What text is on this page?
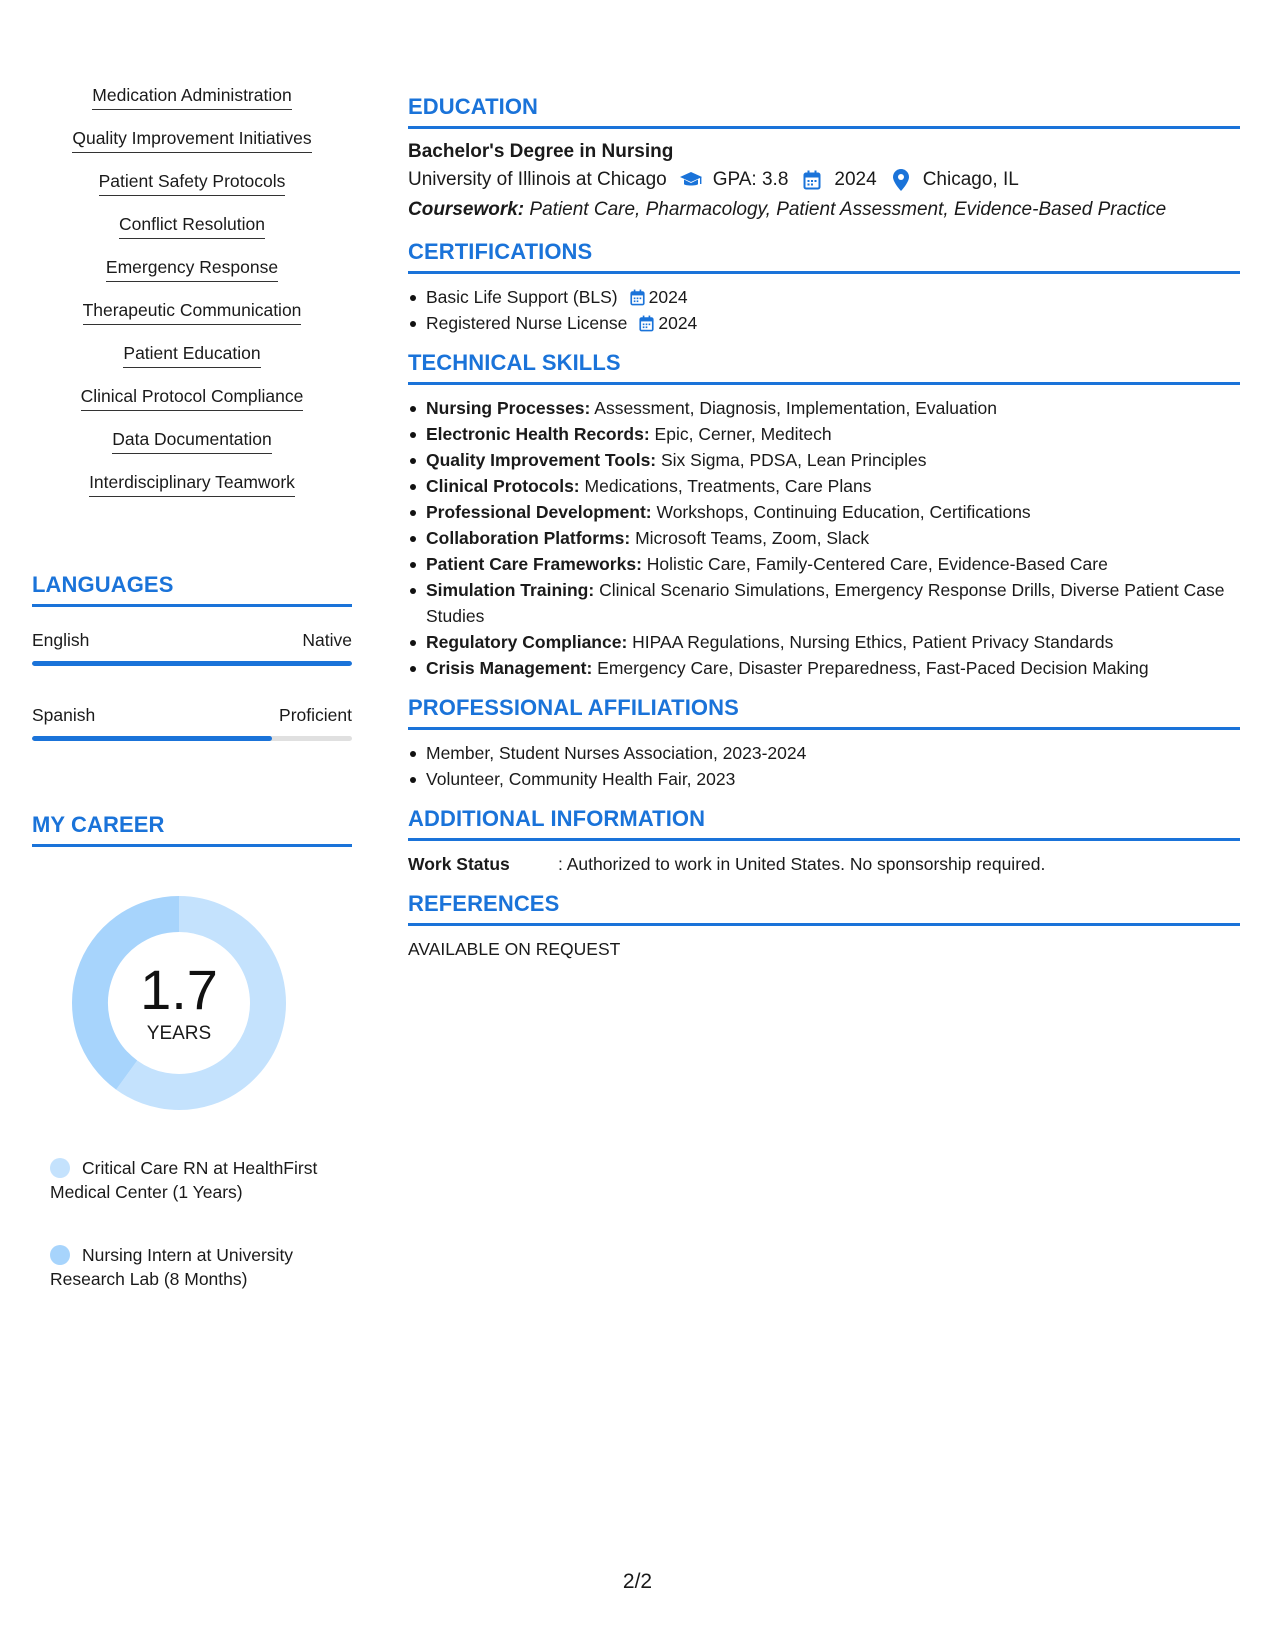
Medication Administration
Quality Improvement Initiatives
Patient Safety Protocols
Conflict Resolution
Emergency Response
Therapeutic Communication
Patient Education
Clinical Protocol Compliance
Data Documentation
Interdisciplinary Teamwork
LANGUAGES
English	Native
Spanish	Proficient
MY CAREER
1.7
YEARS
Critical Care RN at HealthFirst Medical Center (1 Years)
Nursing Intern at University Research Lab (8 Months)
EDUCATION
Bachelor's Degree in Nursing
University of Illinois at Chicago GPA: 3.8 2024 Chicago, IL
Coursework: Patient Care, Pharmacology, Patient Assessment, Evidence-Based Practice
CERTIFICATIONS
Basic Life Support (BLS) 2024
Registered Nurse License 2024
TECHNICAL SKILLS
Nursing Processes: Assessment, Diagnosis, Implementation, Evaluation
Electronic Health Records: Epic, Cerner, Meditech
Quality Improvement Tools: Six Sigma, PDSA, Lean Principles
Clinical Protocols: Medications, Treatments, Care Plans
Professional Development: Workshops, Continuing Education, Certifications
Collaboration Platforms: Microsoft Teams, Zoom, Slack
Patient Care Frameworks: Holistic Care, Family-Centered Care, Evidence-Based Care
Simulation Training: Clinical Scenario Simulations, Emergency Response Drills, Diverse Patient Case Studies
Regulatory Compliance: HIPAA Regulations, Nursing Ethics, Patient Privacy Standards
Crisis Management: Emergency Care, Disaster Preparedness, Fast-Paced Decision Making
PROFESSIONAL AFFILIATIONS
Member, Student Nurses Association, 2023-2024
Volunteer, Community Health Fair, 2023
ADDITIONAL INFORMATION
Work Status	: Authorized to work in United States. No sponsorship required.
REFERENCES
AVAILABLE ON REQUEST
2/2
